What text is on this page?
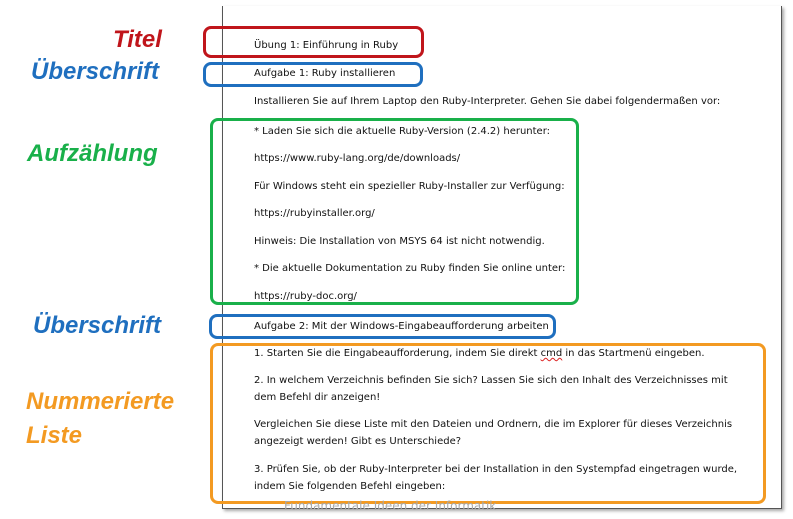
Titel
Überschrift
Aufzählung
Überschrift
Nummerierte
Liste
Übung 1: Einführung in Ruby
Aufgabe 1: Ruby installieren
Installieren Sie auf Ihrem Laptop den Ruby-Interpreter. Gehen Sie dabei folgendermaßen vor:
* Laden Sie sich die aktuelle Ruby-Version (2.4.2) herunter:
https://www.ruby-lang.org/de/downloads/
Für Windows steht ein spezieller Ruby-Installer zur Verfügung:
https://rubyinstaller.org/
Hinweis: Die Installation von MSYS 64 ist nicht notwendig.
* Die aktuelle Dokumentation zu Ruby finden Sie online unter:
https://ruby-doc.org/
Aufgabe 2: Mit der Windows-Eingabeaufforderung arbeiten
1. Starten Sie die Eingabeaufforderung, indem Sie direkt cmd in das Startmenü eingeben.
2. In welchem Verzeichnis befinden Sie sich? Lassen Sie sich den Inhalt des Verzeichnisses mit dem Befehl dir anzeigen!
Vergleichen Sie diese Liste mit den Dateien und Ordnern, die im Explorer für dieses Verzeichnis angezeigt werden! Gibt es Unterschiede?
3. Prüfen Sie, ob der Ruby-Interpreter bei der Installation in den Systempfad eingetragen wurde, indem Sie folgenden Befehl eingeben:
Fundamentale Ideen der Informatik
